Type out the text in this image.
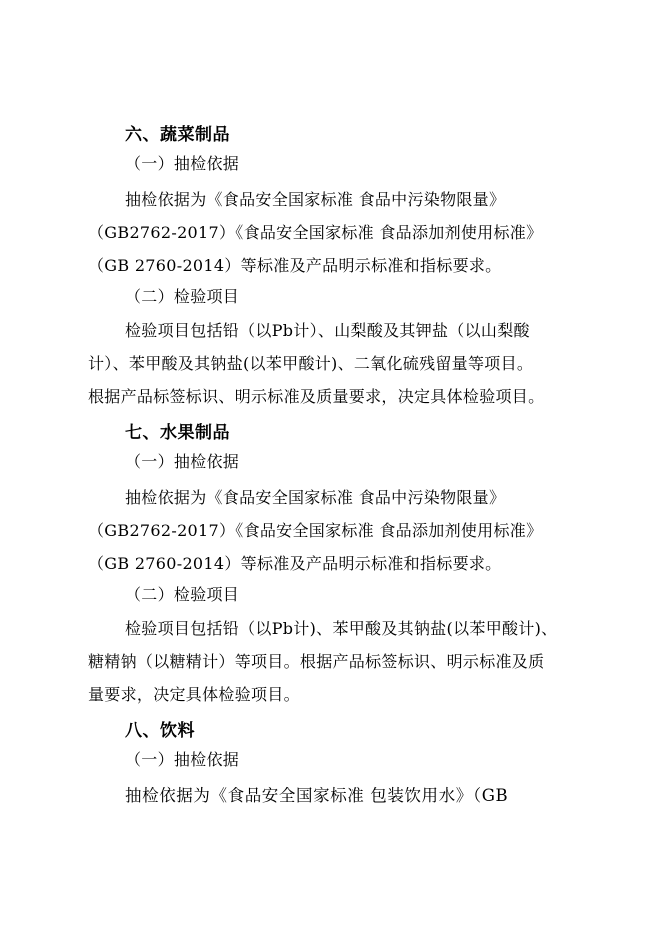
六、蔬菜制品
（一）抽检依据
抽检依据为《食品安全国家标准 食品中污染物限量》
（GB2762-2017）《食品安全国家标准 食品添加剂使用标准》
（GB 2760-2014）等标准及产品明示标准和指标要求。
（二）检验项目
检验项目包括铅（以Pb计）、山梨酸及其钾盐（以山梨酸
计）、苯甲酸及其钠盐(以苯甲酸计)、二氧化硫残留量等项目。
根据产品标签标识、明示标准及质量要求，决定具体检验项目。
七、水果制品
（一）抽检依据
抽检依据为《食品安全国家标准 食品中污染物限量》
（GB2762-2017）《食品安全国家标准 食品添加剂使用标准》
（GB 2760-2014）等标准及产品明示标准和指标要求。
（二）检验项目
检验项目包括铅（以Pb计)、苯甲酸及其钠盐(以苯甲酸计)、
糖精钠（以糖精计）等项目。根据产品标签标识、明示标准及质
量要求，决定具体检验项目。
八、饮料
（一）抽检依据
抽检依据为《食品安全国家标准 包装饮用水》（GB
